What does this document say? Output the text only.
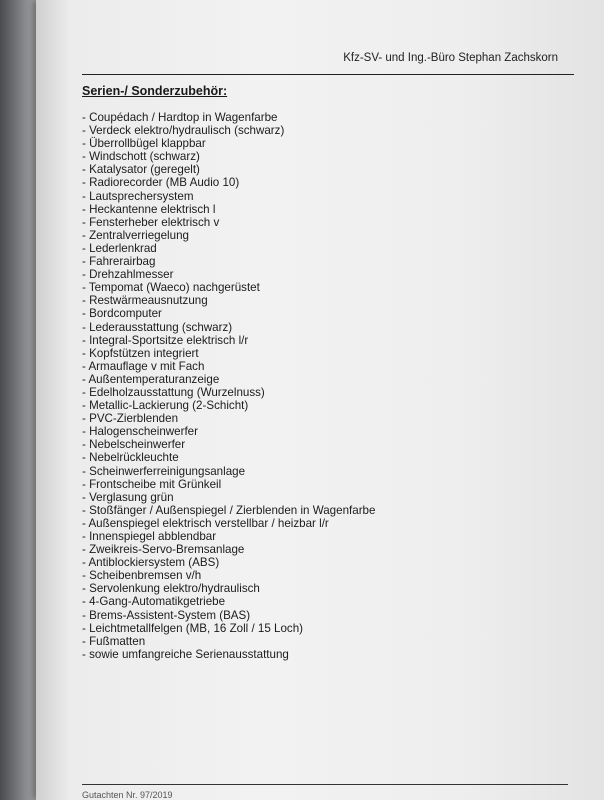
Kfz-SV- und Ing.-Büro Stephan Zachskorn
Serien-/ Sonderzubehör:
- Coupédach / Hardtop in Wagenfarbe
- Verdeck elektro/hydraulisch (schwarz)
- Überrollbügel klappbar
- Windschott (schwarz)
- Katalysator (geregelt)
- Radiorecorder (MB Audio 10)
- Lautsprechersystem
- Heckantenne elektrisch l
- Fensterheber elektrisch v
- Zentralverriegelung
- Lederlenkrad
- Fahrerairbag
- Drehzahlmesser
- Tempomat (Waeco) nachgerüstet
- Restwärmeausnutzung
- Bordcomputer
- Lederausstattung (schwarz)
- Integral-Sportsitze elektrisch l/r
- Kopfstützen integriert
- Armauflage v mit Fach
- Außentemperaturanzeige
- Edelholzausstattung (Wurzelnuss)
- Metallic-Lackierung (2-Schicht)
- PVC-Zierblenden
- Halogenscheinwerfer
- Nebelscheinwerfer
- Nebelrückleuchte
- Scheinwerferreinigungsanlage
- Frontscheibe mit Grünkeil
- Verglasung grün
- Stoßfänger / Außenspiegel / Zierblenden in Wagenfarbe
- Außenspiegel elektrisch verstellbar / heizbar l/r
- Innenspiegel abblendbar
- Zweikreis-Servo-Bremsanlage
- Antiblockiersystem (ABS)
- Scheibenbremsen v/h
- Servolenkung elektro/hydraulisch
- 4-Gang-Automatikgetriebe
- Brems-Assistent-System (BAS)
- Leichtmetallfelgen (MB, 16 Zoll / 15 Loch)
- Fußmatten
- sowie umfangreiche Serienausstattung
Gutachten Nr. 97/2019
